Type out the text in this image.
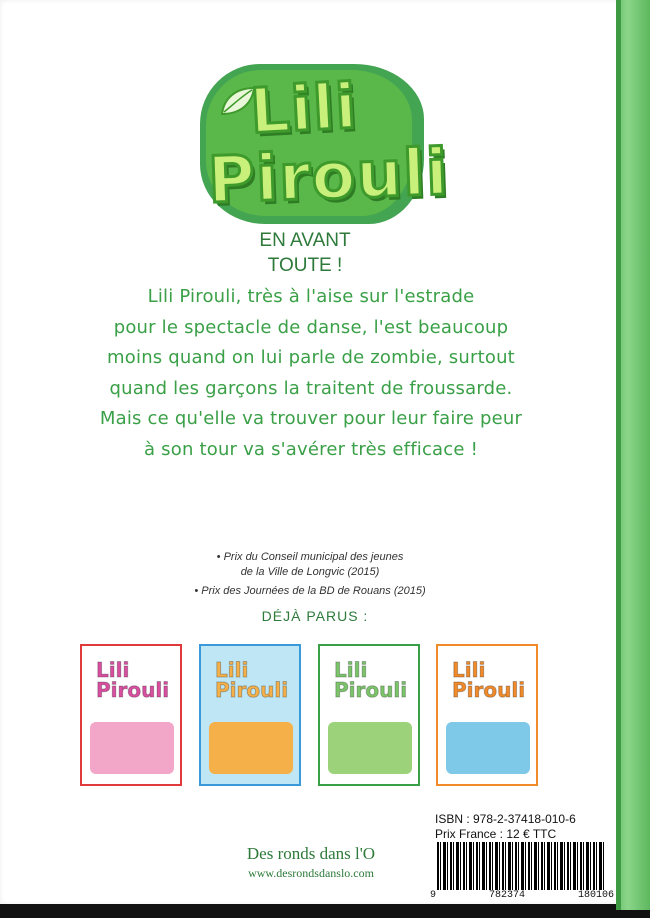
Lili
Pirouli
EN AVANT
TOUTE !
Lili Pirouli, très à l'aise sur l'estrade
pour le spectacle de danse, l'est beaucoup
moins quand on lui parle de zombie, surtout
quand les garçons la traitent de froussarde.
Mais ce qu'elle va trouver pour leur faire peur
à son tour va s'avérer très efficace !
• Prix du Conseil municipal des jeunes
de la Ville de Longvic (2015)
• Prix des Journées de la BD de Rouans (2015)
DÉJÀ PARUS :
Lili
Pirouli
Lili
Pirouli
Lili
Pirouli
Lili
Pirouli
ISBN : 978-2-37418-010-6
Prix France : 12 € TTC
9	782374	180106
Des ronds dans l'O
www.desrondsdanslo.com
